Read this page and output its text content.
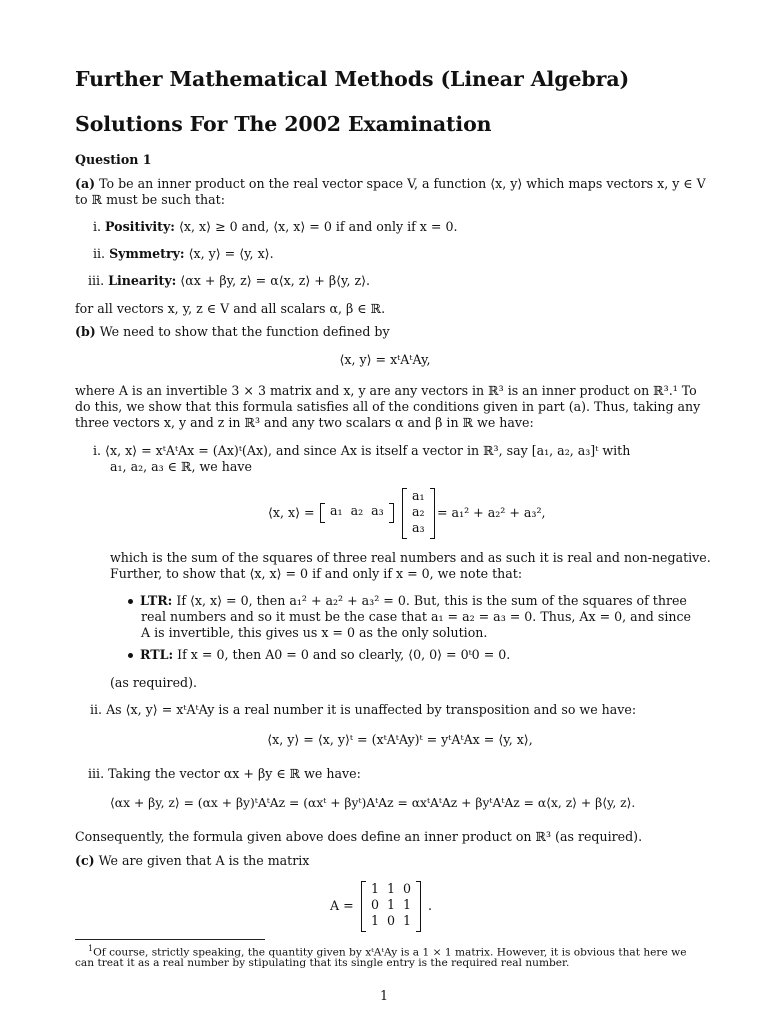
Further Mathematical Methods (Linear Algebra)
Solutions For The 2002 Examination
Question 1
(a) To be an inner product on the real vector space V, a function ⟨x, y⟩ which maps vectors x, y ∈ V
to ℝ must be such that:
i. Positivity: ⟨x, x⟩ ≥ 0 and, ⟨x, x⟩ = 0 if and only if x = 0.
ii. Symmetry: ⟨x, y⟩ = ⟨y, x⟩.
iii. Linearity: ⟨αx + βy, z⟩ = α⟨x, z⟩ + β⟨y, z⟩.
for all vectors x, y, z ∈ V and all scalars α, β ∈ ℝ.
(b) We need to show that the function defined by
⟨x, y⟩ = xᵗAᵗAy,
where A is an invertible 3 × 3 matrix and x, y are any vectors in ℝ³ is an inner product on ℝ³.¹ To
do this, we show that this formula satisfies all of the conditions given in part (a). Thus, taking any
three vectors x, y and z in ℝ³ and any two scalars α and β in ℝ we have:
i. ⟨x, x⟩ = xᵗAᵗAx = (Ax)ᵗ(Ax), and since Ax is itself a vector in ℝ³, say [a₁, a₂, a₃]ᵗ with
a₁, a₂, a₃ ∈ ℝ, we have
⟨x, x⟩ = a₁	a₂	a₃
a₁
a₂
a₃
= a₁² + a₂² + a₃²,
which is the sum of the squares of three real numbers and as such it is real and non-negative.
Further, to show that ⟨x, x⟩ = 0 if and only if x = 0, we note that:
LTR: If ⟨x, x⟩ = 0, then a₁² + a₂² + a₃² = 0. But, this is the sum of the squares of three
real numbers and so it must be the case that a₁ = a₂ = a₃ = 0. Thus, Ax = 0, and since
A is invertible, this gives us x = 0 as the only solution.
RTL: If x = 0, then A0 = 0 and so clearly, ⟨0, 0⟩ = 0ᵗ0 = 0.
(as required).
ii. As ⟨x, y⟩ = xᵗAᵗAy is a real number it is unaffected by transposition and so we have:
⟨x, y⟩ = ⟨x, y⟩ᵗ = (xᵗAᵗAy)ᵗ = yᵗAᵗAx = ⟨y, x⟩,
iii. Taking the vector αx + βy ∈ ℝ we have:
⟨αx + βy, z⟩ = (αx + βy)ᵗAᵗAz = (αxᵗ + βyᵗ)AᵗAz = αxᵗAᵗAz + βyᵗAᵗAz = α⟨x, z⟩ + β⟨y, z⟩.
Consequently, the formula given above does define an inner product on ℝ³ (as required).
(c) We are given that A is the matrix
A =
1	1	0
0	1	1
1	0	1
.
$^1$Of course, strictly speaking, the quantity given by xᵗAᵗAy is a 1 × 1 matrix. However, it is obvious that here we
can treat it as a real number by stipulating that its single entry is the required real number.
1
